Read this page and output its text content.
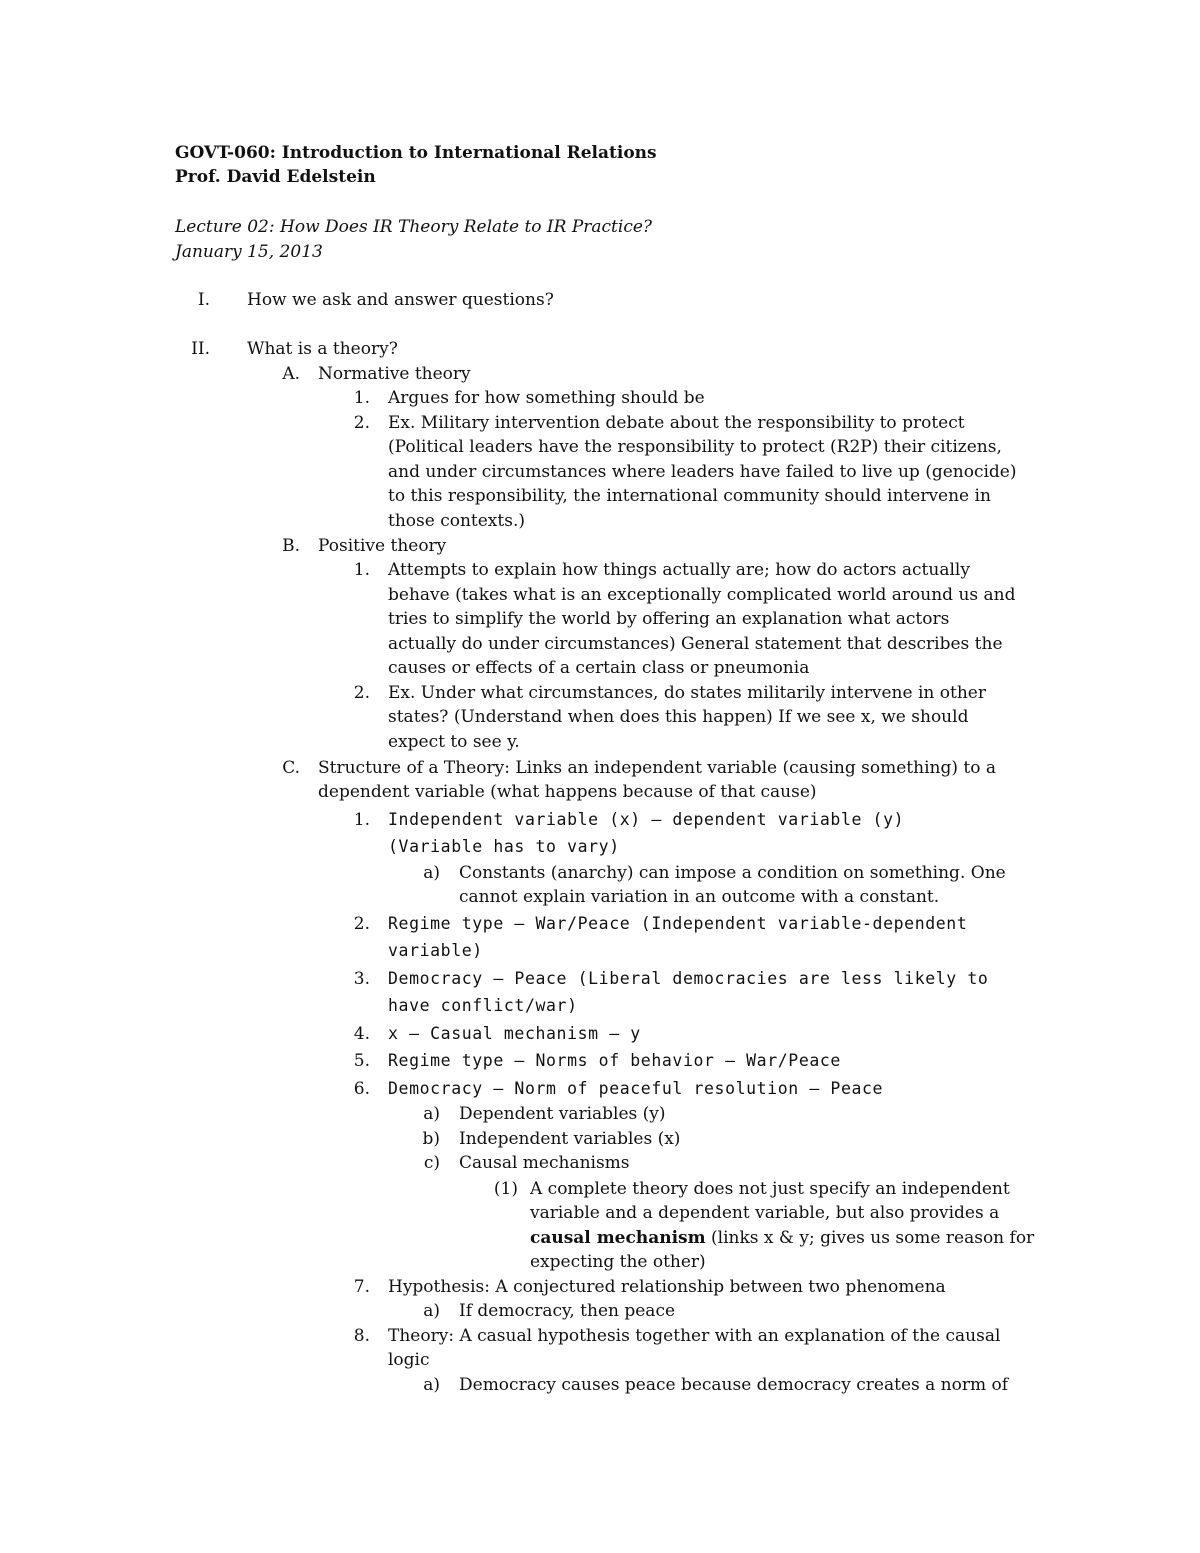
GOVT-060: Introduction to International Relations
Prof. David Edelstein
Lecture 02: How Does IR Theory Relate to IR Practice?
January 15, 2013
I. How we ask and answer questions?
II. What is a theory?
A. Normative theory
1. Argues for how something should be
2. Ex. Military intervention debate about the responsibility to protect
(Political leaders have the responsibility to protect (R2P) their citizens,
and under circumstances where leaders have failed to live up (genocide)
to this responsibility, the international community should intervene in
those contexts.)
B. Positive theory
1. Attempts to explain how things actually are; how do actors actually
behave (takes what is an exceptionally complicated world around us and
tries to simplify the world by offering an explanation what actors
actually do under circumstances) General statement that describes the
causes or effects of a certain class or pneumonia
2. Ex. Under what circumstances, do states militarily intervene in other
states? (Understand when does this happen) If we see x, we should
expect to see y.
C. Structure of a Theory: Links an independent variable (causing something) to a
dependent variable (what happens because of that cause)
1. Independent variable (x) – dependent variable (y)
(Variable has to vary)
a) Constants (anarchy) can impose a condition on something. One
cannot explain variation in an outcome with a constant.
2. Regime type – War/Peace (Independent variable-dependent
variable)
3. Democracy – Peace (Liberal democracies are less likely to
have conflict/war)
4. x – Casual mechanism – y
5. Regime type – Norms of behavior – War/Peace
6. Democracy – Norm of peaceful resolution – Peace
a) Dependent variables (y)
b) Independent variables (x)
c) Causal mechanisms
(1) A complete theory does not just specify an independent
variable and a dependent variable, but also provides a
causal mechanism (links x & y; gives us some reason for
expecting the other)
7. Hypothesis: A conjectured relationship between two phenomena
a) If democracy, then peace
8. Theory: A casual hypothesis together with an explanation of the causal
logic
a) Democracy causes peace because democracy creates a norm of
